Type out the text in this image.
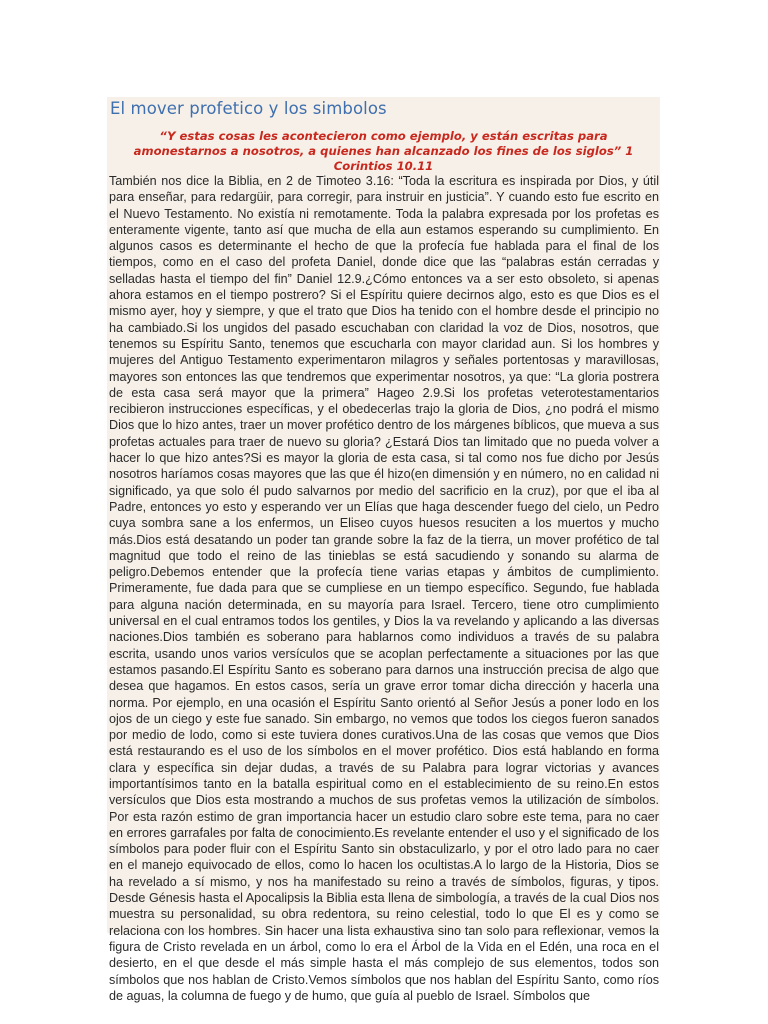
El mover profetico y los simbolos

“Y estas cosas les acontecieron como ejemplo, y están escritas para amonestarnos a nosotros, a quienes han alcanzado los fines de los siglos” 1 Corintios 10.11

También nos dice la Biblia, en 2 de Timoteo 3.16: “Toda la escritura es inspirada por Dios, y útil para enseñar, para redargüir, para corregir, para instruir en justicia”. Y cuando esto fue escrito en el Nuevo Testamento. No existía ni remotamente. Toda la palabra expresada por los profetas es enteramente vigente, tanto así que mucha de ella aun estamos esperando su cumplimiento. En algunos casos es determinante el hecho de que la profecía fue hablada para el final de los tiempos, como en el caso del profeta Daniel, donde dice que las “palabras están cerradas y selladas hasta el tiempo del fin” Daniel 12.9.¿Cómo entonces va a ser esto obsoleto, si apenas ahora estamos en el tiempo postrero? Si el Espíritu quiere decirnos algo, esto es que Dios es el mismo ayer, hoy y siempre, y que el trato que Dios ha tenido con el hombre desde el principio no ha cambiado.Si los ungidos del pasado escuchaban con claridad la voz de Dios, nosotros, que tenemos su Espíritu Santo, tenemos que escucharla con mayor claridad aun. Si los hombres y mujeres del Antiguo Testamento experimentaron milagros y señales portentosas y maravillosas, mayores son entonces las que tendremos que experimentar nosotros, ya que: “La gloria postrera de esta casa será mayor que la primera” Hageo 2.9.Si los profetas veterotestamentarios recibieron instrucciones específicas, y el obedecerlas trajo la gloria de Dios, ¿no podrá el mismo Dios que lo hizo antes, traer un mover profético dentro de los márgenes bíblicos, que mueva a sus profetas actuales para traer de nuevo su gloria? ¿Estará Dios tan limitado que no pueda volver a hacer lo que hizo antes?Si es mayor la gloria de esta casa, si tal como nos fue dicho por Jesús nosotros haríamos cosas mayores que las que él hizo(en dimensión y en número, no en calidad ni significado, ya que solo él pudo salvarnos por medio del sacrificio en la cruz), por que el iba al Padre, entonces yo esto y esperando ver un Elías que haga descender fuego del cielo, un Pedro cuya sombra sane a los enfermos, un Eliseo cuyos huesos resuciten a los muertos y mucho más.Dios está desatando un poder tan grande sobre la faz de la tierra, un mover profético de tal magnitud que todo el reino de las tinieblas se está sacudiendo y sonando su alarma de peligro.Debemos entender que la profecía tiene varias etapas y ámbitos de cumplimiento. Primeramente, fue dada para que se cumpliese en un tiempo específico. Segundo, fue hablada para alguna nación determinada, en su mayoría para Israel. Tercero, tiene otro cumplimiento universal en el cual entramos todos los gentiles, y Dios la va revelando y aplicando a las diversas naciones.Dios también es soberano para hablarnos como individuos a través de su palabra escrita, usando unos varios versículos que se acoplan perfectamente a situaciones por las que estamos pasando.El Espíritu Santo es soberano para darnos una instrucción precisa de algo que desea que hagamos. En estos casos, sería un grave error tomar dicha dirección y hacerla una norma. Por ejemplo, en una ocasión el Espíritu Santo orientó al Señor Jesús a poner lodo en los ojos de un ciego y este fue sanado. Sin embargo, no vemos que todos los ciegos fueron sanados por medio de lodo, como si este tuviera dones curativos.Una de las cosas que vemos que Dios está restaurando es el uso de los símbolos en el mover profético. Dios está hablando en forma clara y específica sin dejar dudas, a través de su Palabra para lograr victorias y avances importantísimos tanto en la batalla espiritual como en el establecimiento de su reino.En estos versículos que Dios esta mostrando a muchos de sus profetas vemos la utilización de símbolos. Por esta razón estimo de gran importancia hacer un estudio claro sobre este tema, para no caer en errores garrafales por falta de conocimiento.Es revelante entender el uso y el significado de los símbolos para poder fluir con el Espíritu Santo sin obstaculizarlo, y por el otro lado para no caer en el manejo equivocado de ellos, como lo hacen los ocultistas.A lo largo de la Historia, Dios se ha revelado a sí mismo, y nos ha manifestado su reino a través de símbolos, figuras, y tipos. Desde Génesis hasta el Apocalipsis la Biblia esta llena de simbología, a través de la cual Dios nos muestra su personalidad, su obra redentora, su reino celestial, todo lo que El es y como se relaciona con los hombres. Sin hacer una lista exhaustiva sino tan solo para reflexionar, vemos la figura de Cristo revelada en un árbol, como lo era el Árbol de la Vida en el Edén, una roca en el desierto, en el que desde el más simple hasta el más complejo de sus elementos, todos son símbolos que nos hablan de Cristo.Vemos símbolos que nos hablan del Espíritu Santo, como ríos de aguas, la columna de fuego y de humo, que guía al pueblo de Israel. Símbolos que
